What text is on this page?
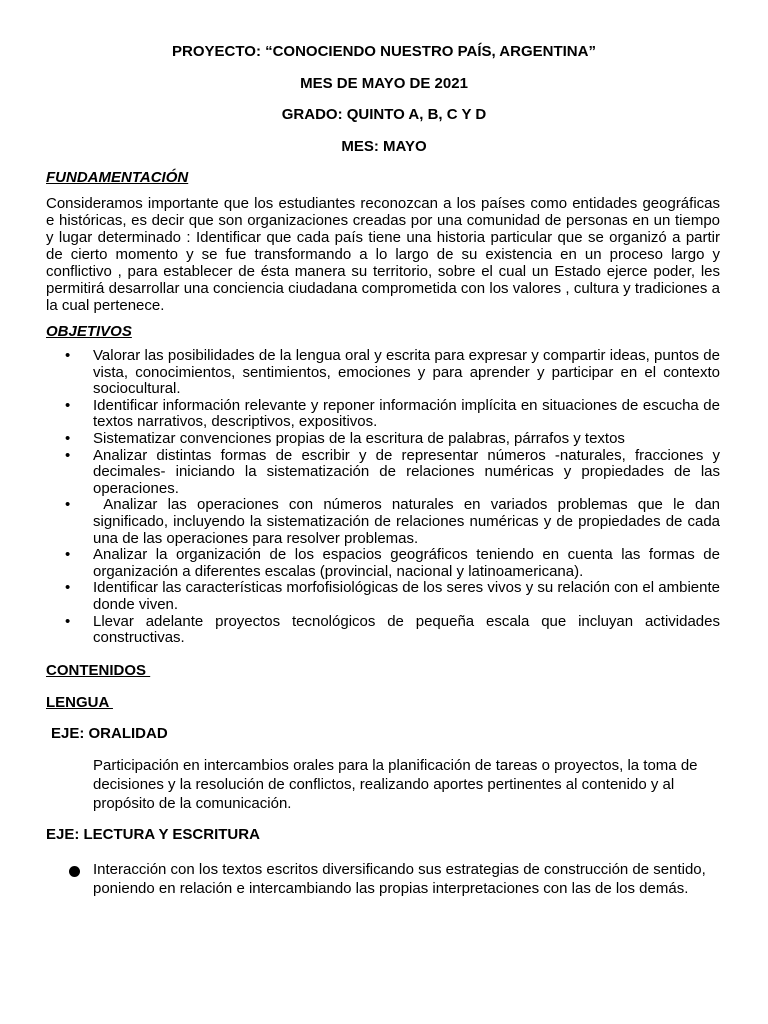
PROYECTO: “CONOCIENDO NUESTRO PAÍS, ARGENTINA”

MES DE MAYO DE 2021

GRADO: QUINTO A, B, C Y D

MES: MAYO

FUNDAMENTACIÓN

Consideramos importante que los estudiantes reconozcan a los países como entidades geográficas e históricas, es decir que son organizaciones creadas por una comunidad de personas en un tiempo y lugar determinado : Identificar que cada país tiene una historia particular que se organizó a partir de cierto momento y se fue transformando a lo largo de su existencia en un proceso largo y conflictivo , para establecer de ésta manera su territorio, sobre el cual un Estado ejerce poder, les permitirá desarrollar una conciencia ciudadana comprometida con los valores , cultura y tradiciones a la cual pertenece.

OBJETIVOS

• Valorar las posibilidades de la lengua oral y escrita para expresar y compartir ideas, puntos de vista, conocimientos, sentimientos, emociones y para aprender y participar en el contexto sociocultural.
• Identificar información relevante y reponer información implícita en situaciones de escucha de textos narrativos, descriptivos, expositivos.
• Sistematizar convenciones propias de la escritura de palabras, párrafos y textos
• Analizar distintas formas de escribir y de representar números -naturales, fracciones y decimales- iniciando la sistematización de relaciones numéricas y propiedades de las operaciones.
• Analizar las operaciones con números naturales en variados problemas que le dan significado, incluyendo la sistematización de relaciones numéricas y de propiedades de cada una de las operaciones para resolver problemas.
• Analizar la organización de los espacios geográficos teniendo en cuenta las formas de organización a diferentes escalas (provincial, nacional y latinoamericana).
• Identificar las características morfofisiológicas de los seres vivos y su relación con el ambiente donde viven.
• Llevar adelante proyectos tecnológicos de pequeña escala que incluyan actividades constructivas.

CONTENIDOS

LENGUA

EJE: ORALIDAD

Participación en intercambios orales para la planificación de tareas o proyectos, la toma de decisiones y la resolución de conflictos, realizando aportes pertinentes al contenido y al propósito de la comunicación.

EJE: LECTURA Y ESCRITURA

Interacción con los textos escritos diversificando sus estrategias de construcción de sentido, poniendo en relación e intercambiando las propias interpretaciones con las de los demás.
